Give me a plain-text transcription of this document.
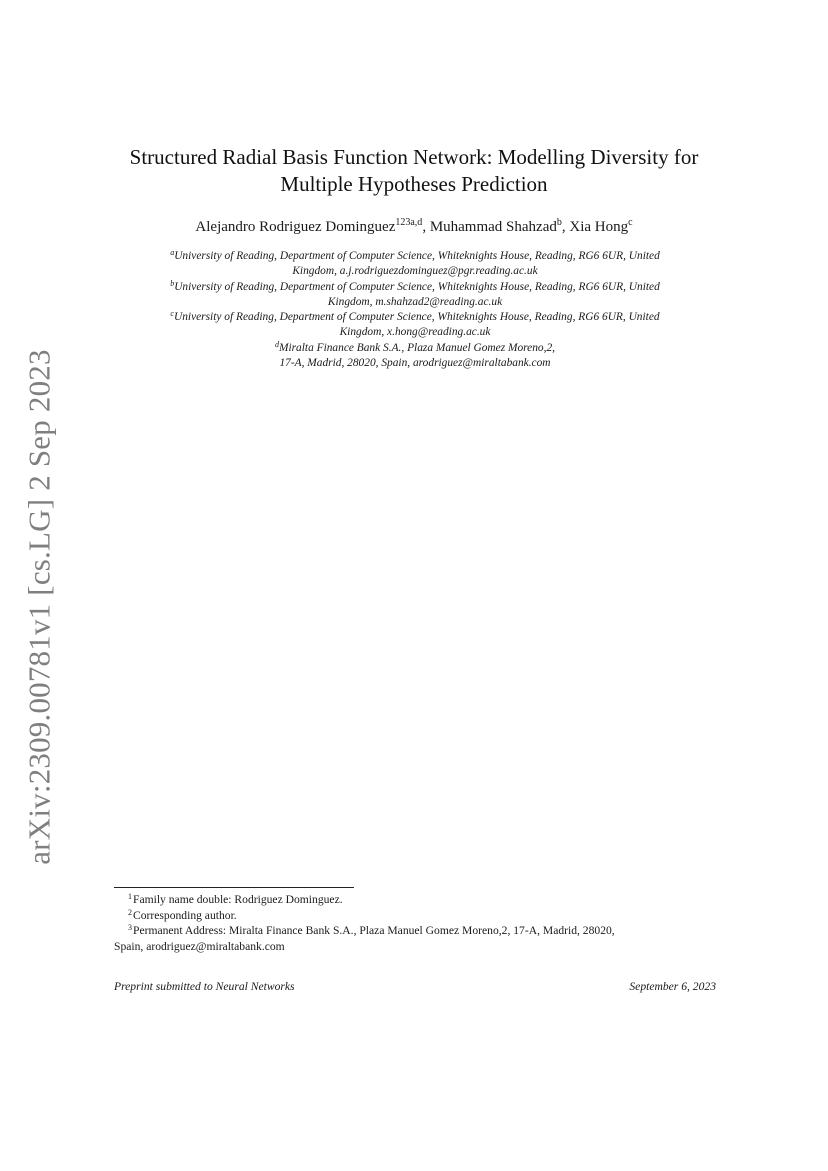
arXiv:2309.00781v1 [cs.LG] 2 Sep 2023
Structured Radial Basis Function Network: Modelling Diversity for
Multiple Hypotheses Prediction
Alejandro Rodriguez Dominguez$^{123a,d}$, Muhammad Shahzad$^b$, Xia Hong$^c$
$^a$University of Reading, Department of Computer Science, Whiteknights House, Reading, RG6 6UR, United
Kingdom, a.j.rodriguezdominguez@pgr.reading.ac.uk
$^b$University of Reading, Department of Computer Science, Whiteknights House, Reading, RG6 6UR, United
Kingdom, m.shahzad2@reading.ac.uk
$^c$University of Reading, Department of Computer Science, Whiteknights House, Reading, RG6 6UR, United
Kingdom, x.hong@reading.ac.uk
$^d$Miralta Finance Bank S.A., Plaza Manuel Gomez Moreno,2,
17-A, Madrid, 28020, Spain, arodriguez@miraltabank.com

$^1$Family name double: Rodriguez Dominguez.

$^2$Corresponding author.

$^3$Permanent Address: Miralta Finance Bank S.A., Plaza Manuel Gomez Moreno,2, 17-A, Madrid, 28020,
Spain, arodriguez@miraltabank.com

Preprint submitted to Neural Networks	September 6, 2023
